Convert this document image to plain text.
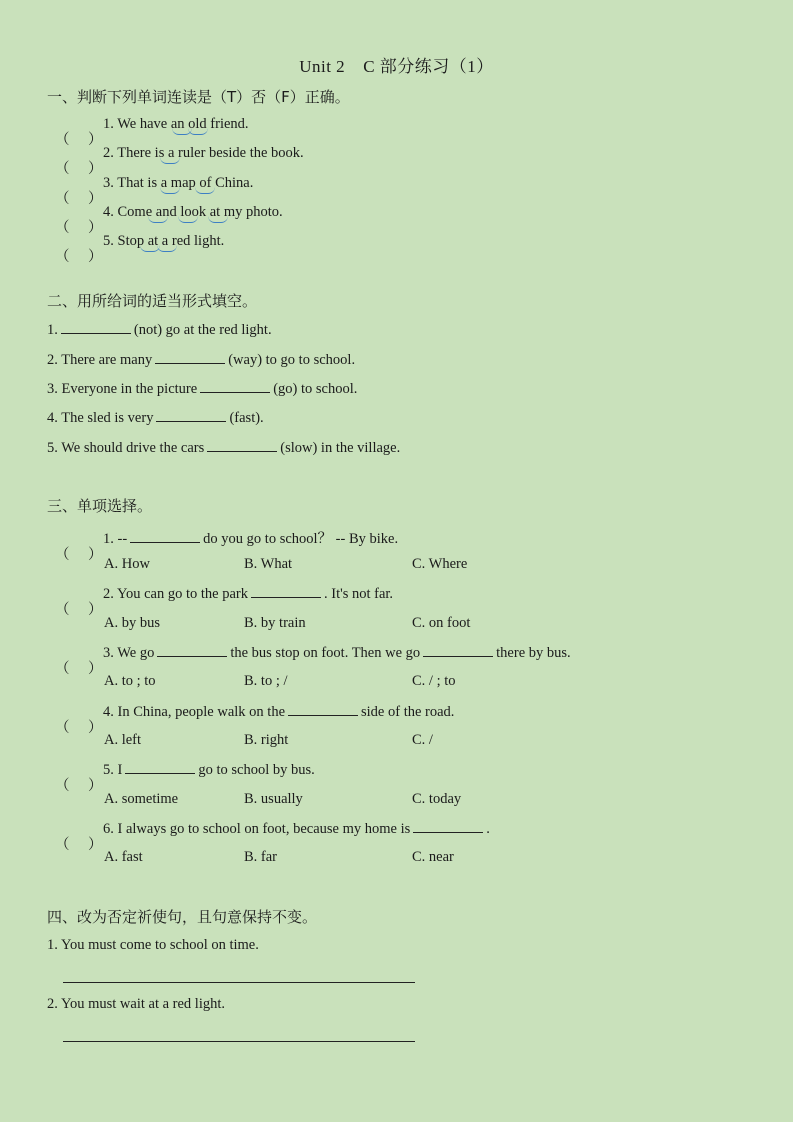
Unit 2 C 部分练习（1）
一、判断下列单词连读是（T）否（F）正确。
（ ）
1. We have an old friend.
（ ）
2. There is a ruler beside the book.
（ ）
3. That is a map of China.
（ ）
4. Come and look at my photo.
（ ）
5. Stop at a red light.
二、用所给词的适当形式填空。
1.	(not) go at the red light.
2. There are many	(way) to go to school.
3. Everyone in the picture	(go) to school.
4. The sled is very	(fast).
5. We should drive the cars	(slow) in the village.
三、单项选择。
（ ）
1. --	do you go to school？ -- By bike.
A. How	B. What	C. Where
（ ）
2. You can go to the park	. It's not far.
A. by bus	B. by train	C. on foot
（ ）
3. We go	the bus stop on foot. Then we go	there by bus.
A. to ; to	B. to ; /	C. / ; to
（ ）
4. In China, people walk on the	side of the road.
A. left	B. right	C. /
（ ）
5. I	go to school by bus.
A. sometime	B. usually	C. today
（ ）
6. I always go to school on foot, because my home is	.
A. fast	B. far	C. near
四、改为否定祈使句，且句意保持不变。
1. You must come to school on time.
2. You must wait at a red light.
